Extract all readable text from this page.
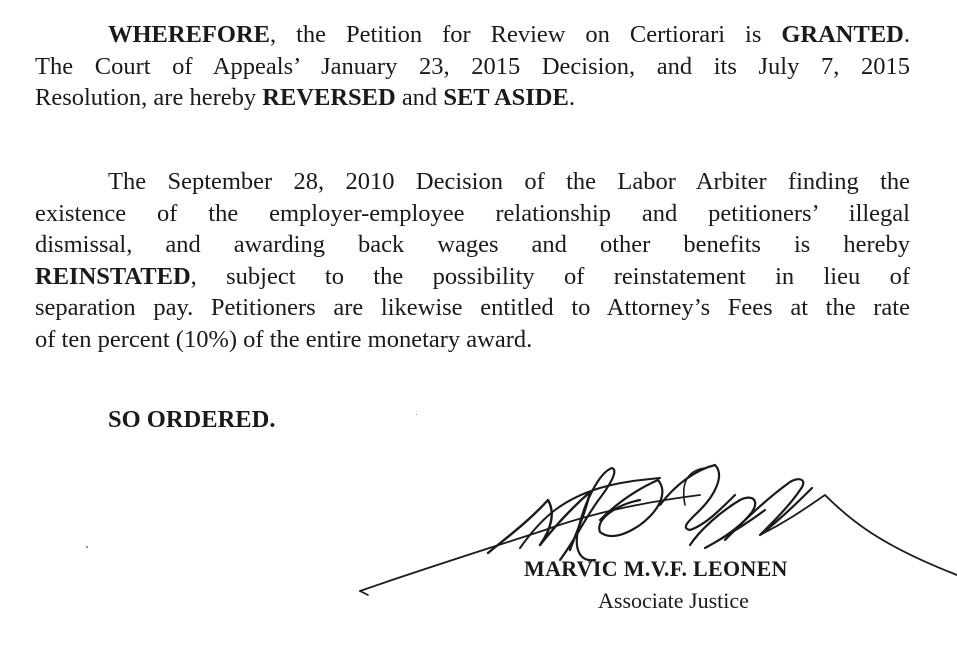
WHEREFORE, the Petition for Review on Certiorari is GRANTED.
The Court of Appeals’ January 23, 2015 Decision, and its July 7, 2015
Resolution, are hereby REVERSED and SET ASIDE.
The September 28, 2010 Decision of the Labor Arbiter finding the
existence of the employer-employee relationship and petitioners’ illegal
dismissal, and awarding back wages and other benefits is hereby
REINSTATED, subject to the possibility of reinstatement in lieu of
separation pay. Petitioners are likewise entitled to Attorney’s Fees at the rate
of ten percent (10%) of the entire monetary award.
SO ORDERED.
MARVIC M.V.F. LEONEN
Associate Justice
